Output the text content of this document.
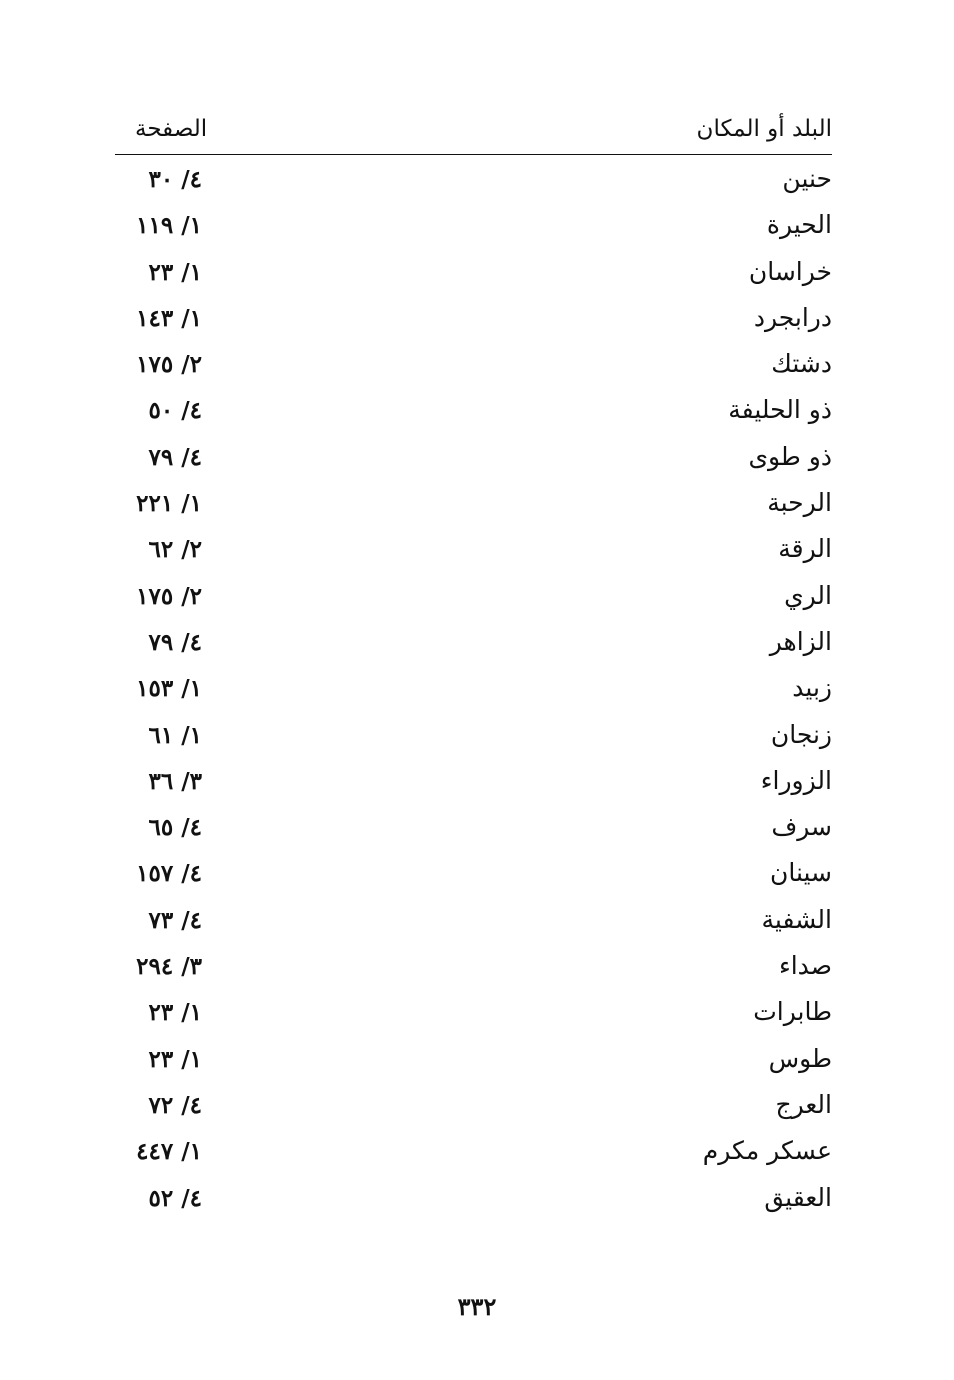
البلد أو المكان
الصفحة
حنين
٤/ ٣٠
الحيرة
١/ ١١٩
خراسان
١/ ٢٣
درابجرد
١/ ١٤٣
دشتك
٢/ ١٧٥
ذو الحليفة
٤/ ٥٠
ذو طوى
٤/ ٧٩
الرحبة
١/ ٢٢١
الرقة
٢/ ٦٢
الري
٢/ ١٧٥
الزاهر
٤/ ٧٩
زبيد
١/ ١٥٣
زنجان
١/ ٦١
الزوراء
٣/ ٣٦
سرف
٤/ ٦٥
سينان
٤/ ١٥٧
الشفية
٤/ ٧٣
صداء
٣/ ٢٩٤
طابرات
١/ ٢٣
طوس
١/ ٢٣
العرج
٤/ ٧٢
عسكر مكرم
١/ ٤٤٧
العقيق
٤/ ٥٢
٣٣٢
